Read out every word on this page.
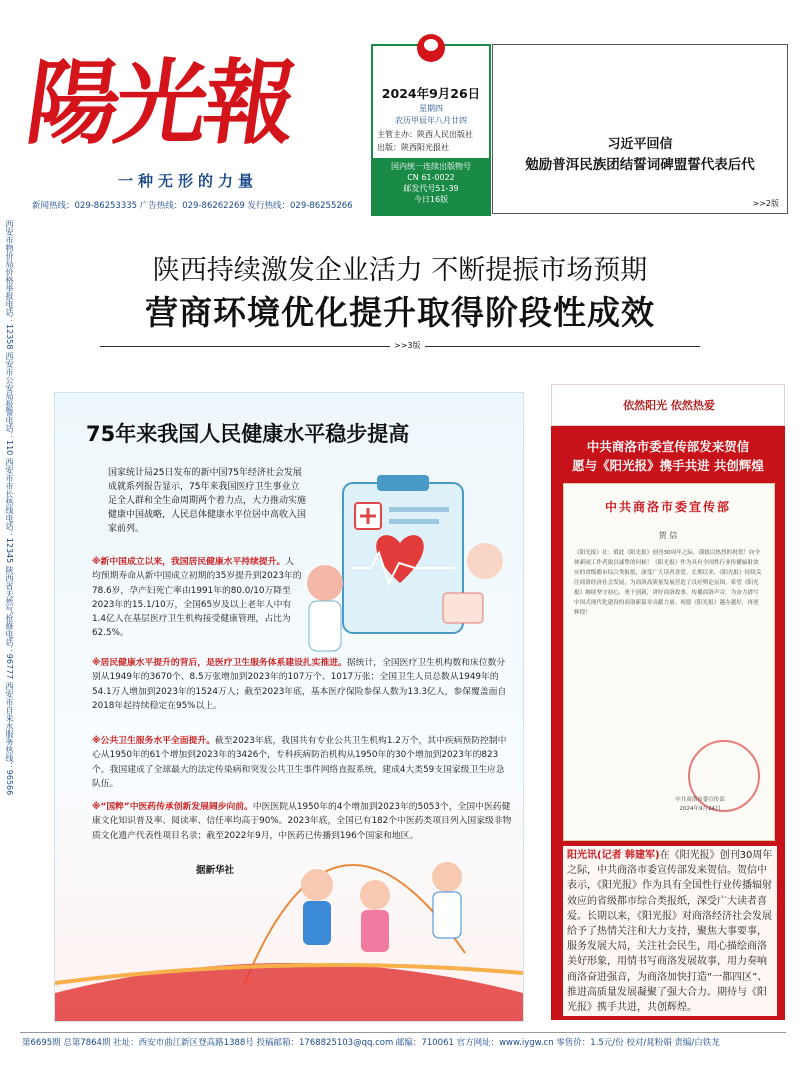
陽光報
一种无形的力量
新闻热线：029-86253335 广告热线：029-86262269 发行热线：029-86255266
2024年9月26日
星期四
农历甲辰年八月廿四
主管主办：陕西人民出版社
出版：陕西阳光报社
国内统一连续出版物号
CN 61-0022
邮发代号51-39
今日16版
习近平回信
勉励普洱民族团结誓词碑盟誓代表后代
>>2版
西安市物价局价格举报电话：12358 西安市公安局报警电话：110 西安市市长热线电话：12345 陕西省天然气抢修电话：96777 西安市自来水服务热线：96566	陕西持续激发企业活力 不断提振市场预期
营商环境优化提升取得阶段性成效
>>3版
75年来我国人民健康水平稳步提高
国家统计局25日发布的新中国75年经济社会发展成就系列报告显示，75年来我国医疗卫生事业立足全人群和全生命周期两个着力点，大力推动实施健康中国战略，人民总体健康水平位居中高收入国家前列。
※新中国成立以来，我国居民健康水平持续提升。人均预期寿命从新中国成立初期的35岁提升到2023年的78.6岁，孕产妇死亡率由1991年的80.0/10万降至2023年的15.1/10万，全国65岁及以上老年人中有1.4亿人在基层医疗卫生机构接受健康管理，占比为62.5%。
※居民健康水平提升的背后，是医疗卫生服务体系建设扎实推进。据统计，全国医疗卫生机构数和床位数分别从1949年的3670个、8.5万张增加到2023年的107万个、1017万张；全国卫生人员总数从1949年的54.1万人增加到2023年的1524万人；截至2023年底，基本医疗保险参保人数为13.3亿人，参保覆盖面自2018年起持续稳定在95%以上。
※公共卫生服务水平全面提升。截至2023年底，我国共有专业公共卫生机构1.2万个，其中疾病预防控制中心从1950年的61个增加到2023年的3426个，专科疾病防治机构从1950年的30个增加到2023年的823个。我国建成了全球最大的法定传染病和突发公共卫生事件网络直报系统，建成4大类59支国家级卫生应急队伍。
※“国粹”中医药传承创新发展阔步向前。中医医院从1950年的4个增加到2023年的5053个，全国中医药健康文化知识普及率、阅读率、信任率均高于90%。2023年底，全国已有182个中医药类项目列入国家级非物质文化遗产代表性项目名录；截至2022年9月，中医药已传播到196个国家和地区。
据新华社
依然阳光 依然热爱
中共商洛市委宣传部发来贺信
愿与《阳光报》携手共进 共创辉煌
中共商洛市委宣传部
贺 信
《阳光报》社：值此《阳光报》创刊30周年之际，谨致以热烈的祝贺！向全体新闻工作者致以诚挚的问候！《阳光报》作为具有全国性行业传播辐射效应的省级都市综合类报纸，深受广大读者喜爱。长期以来，《阳光报》持续关注商洛经济社会发展，为商洛高质量发展营造了良好舆论氛围。希望《阳光报》继续坚守初心，勇于创新，讲好商洛故事，传播商洛声音，为奋力谱写中国式现代化建设的商洛新篇章贡献力量。祝愿《阳光报》越办越好，再创辉煌！
中共商洛市委宣传部
2024年9月24日
阳光讯(记者 韩建军)在《阳光报》创刊30周年之际，中共商洛市委宣传部发来贺信。贺信中表示，《阳光报》作为具有全国性行业传播辐射效应的省级都市综合类报纸，深受广大读者喜爱。长期以来，《阳光报》对商洛经济社会发展给予了热情关注和大力支持，聚焦大事要事，服务发展大局，关注社会民生，用心描绘商洛美好形象，用情书写商洛发展故事，用力奏响商洛奋进强音，为商洛加快打造“一都四区”、推进高质量发展凝聚了强大合力。期待与《阳光报》携手共进，共创辉煌。
第6695期 总第7864期 社址：西安市曲江新区登高路1388号 投稿邮箱：1768825103@qq.com 邮编：710061 官方网址：www.iygw.cn 零售价：1.5元/份 校对/晁粉娟 责编/白铁龙
